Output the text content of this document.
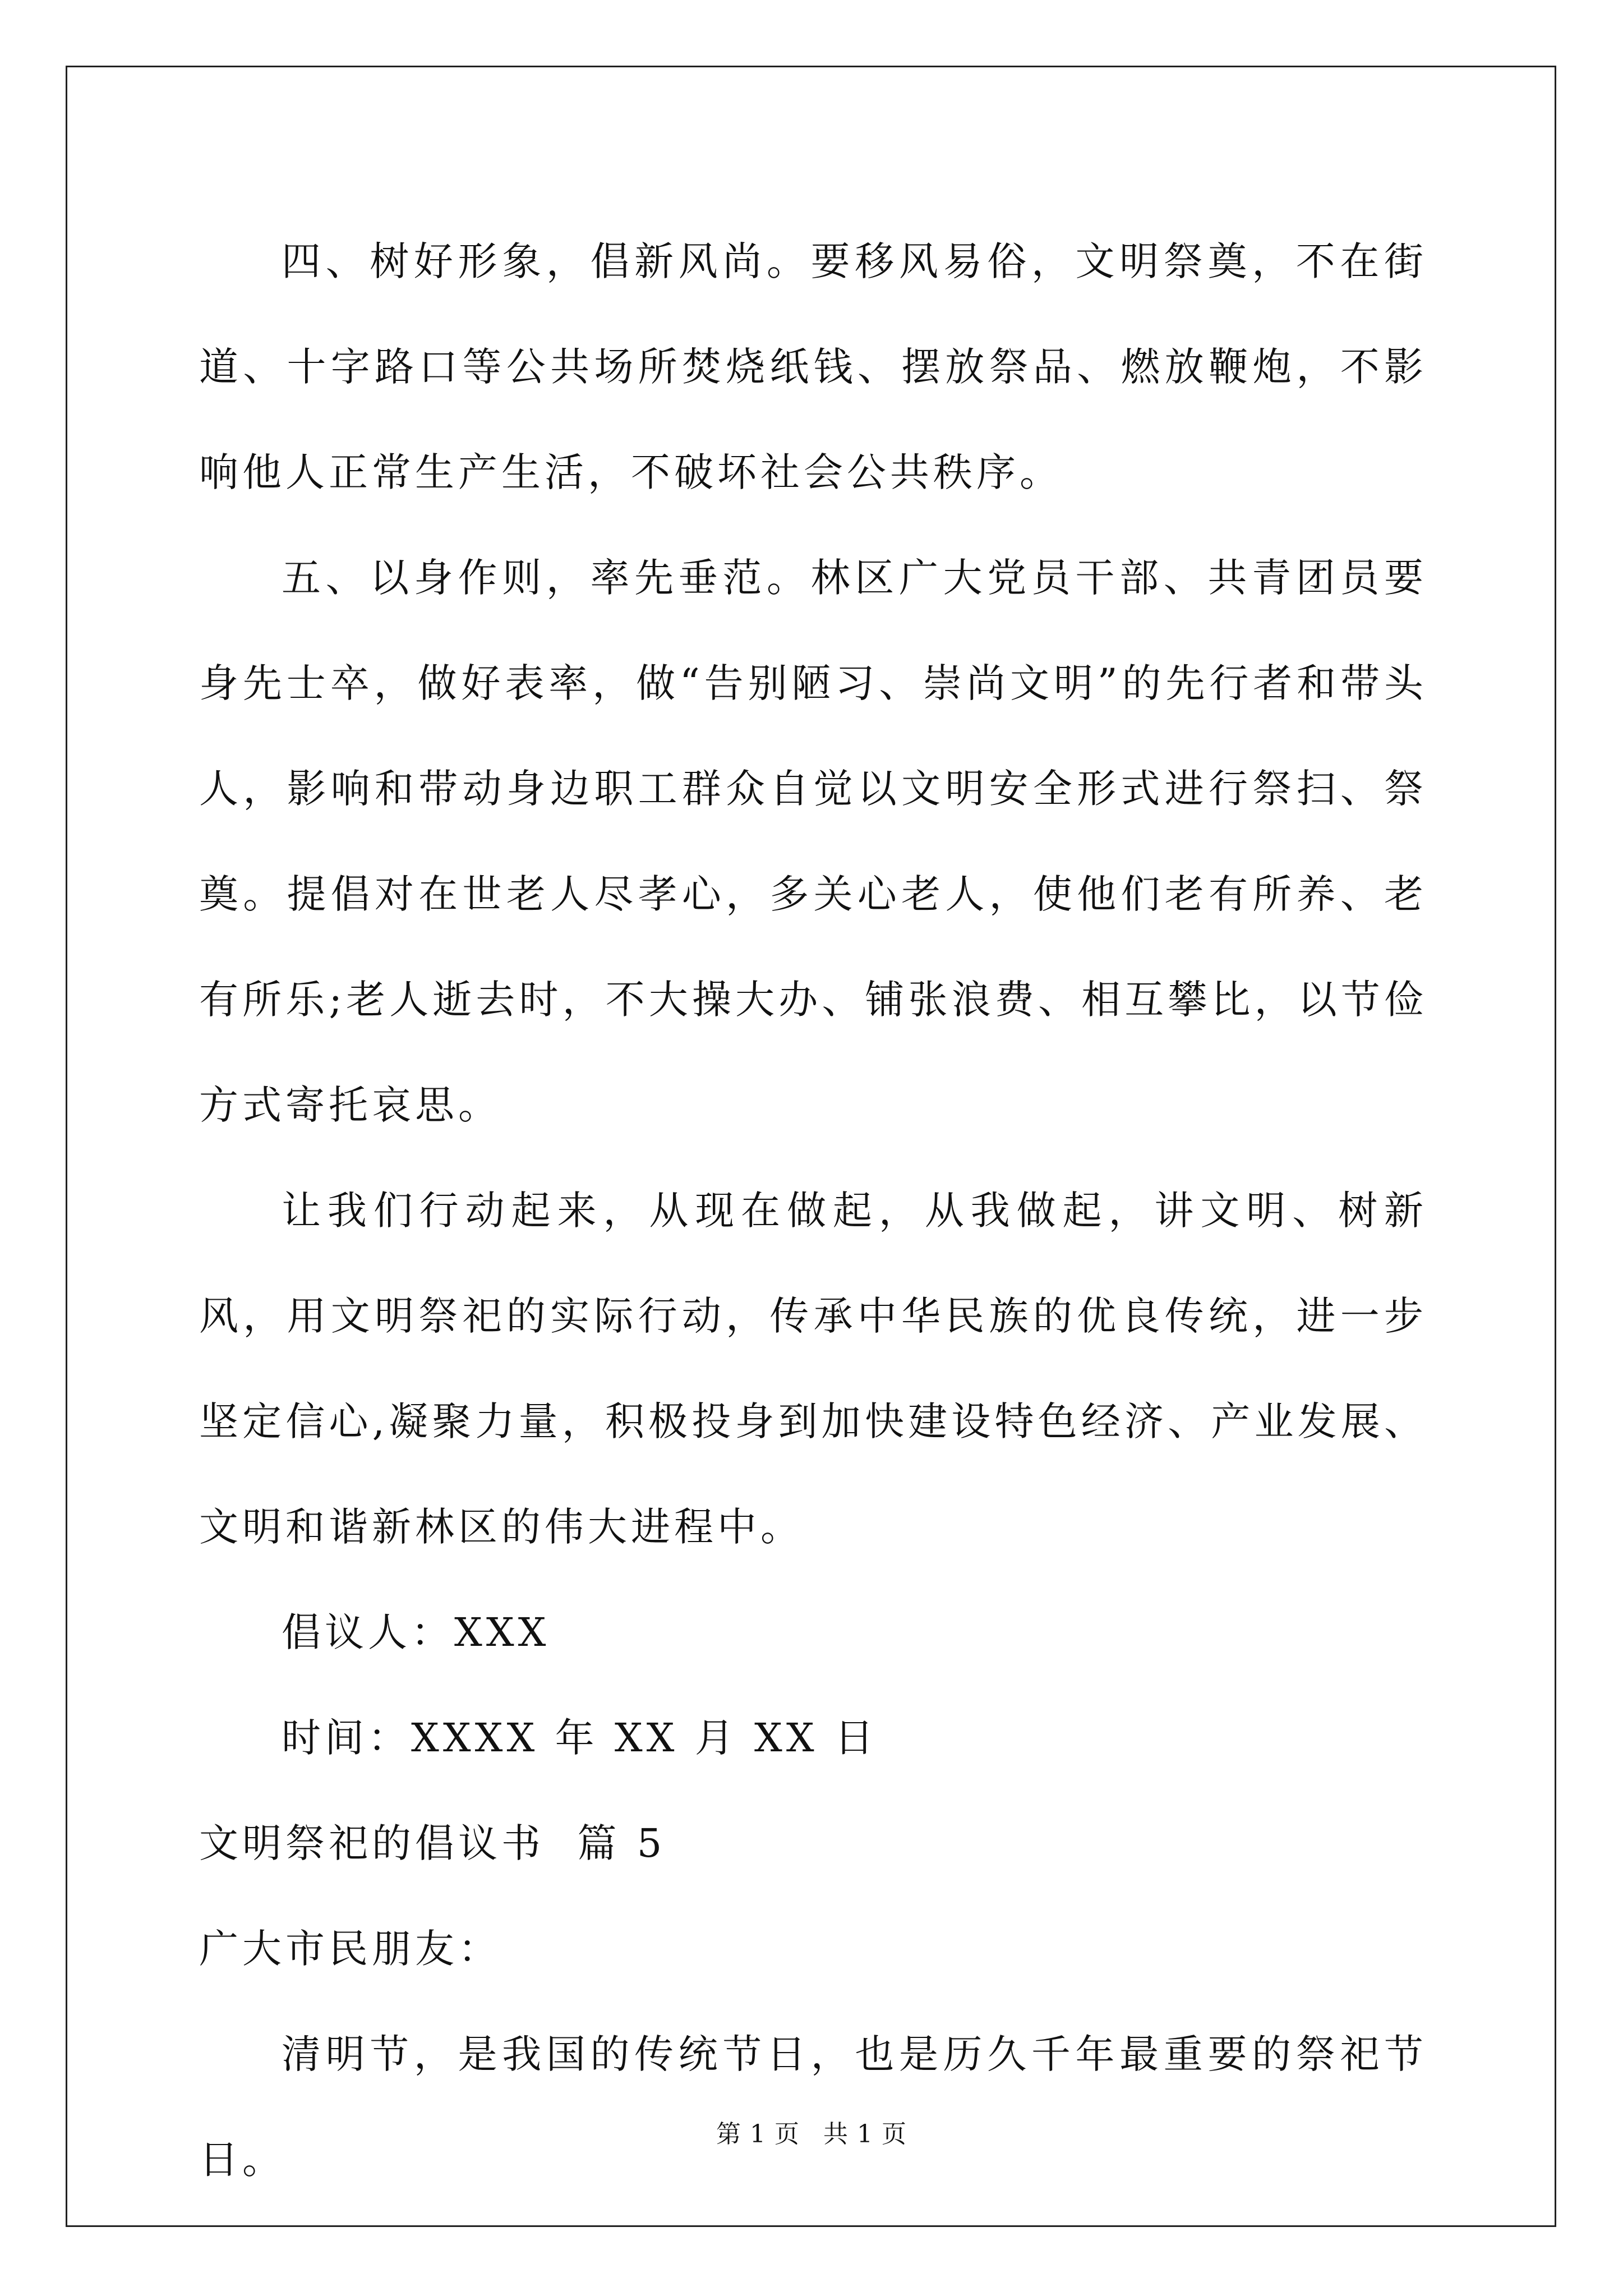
四、树好形象，倡新风尚。要移风易俗，文明祭奠，不在街道、十字路口等公共场所焚烧纸钱、摆放祭品、燃放鞭炮，不影响他人正常生产生活，不破坏社会公共秩序。

五、以身作则，率先垂范。林区广大党员干部、共青团员要身先士卒，做好表率，做“告别陋习、崇尚文明”的先行者和带头人，影响和带动身边职工群众自觉以文明安全形式进行祭扫、祭奠。提倡对在世老人尽孝心，多关心老人，使他们老有所养、老有所乐;老人逝去时，不大操大办、铺张浪费、相互攀比，以节俭方式寄托哀思。

让我们行动起来，从现在做起，从我做起，讲文明、树新风，用文明祭祀的实际行动，传承中华民族的优良传统，进一步坚定信心,凝聚力量，积极投身到加快建设特色经济、产业发展、文明和谐新林区的伟大进程中。

倡议人：XXX

时间：XXXX 年 XX 月 XX 日

文明祭祀的倡议书  篇 5

广大市民朋友：

清明节，是我国的传统节日，也是历久千年最重要的祭祀节日。

第 1 页 共 1 页
